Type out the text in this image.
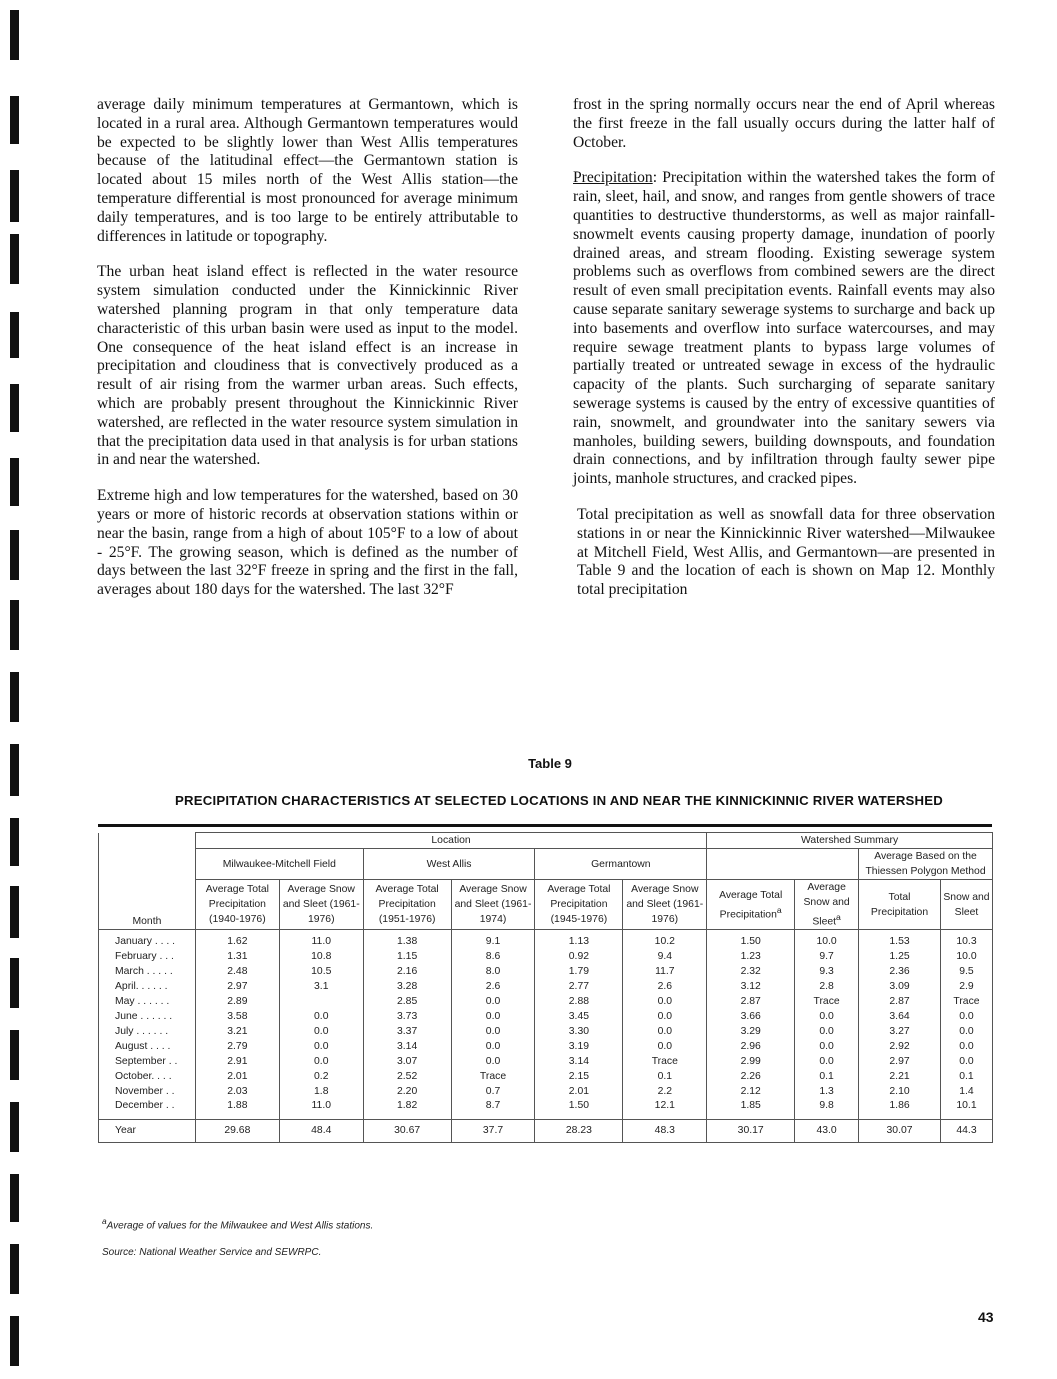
average daily minimum temperatures at Germantown, which is located in a rural area. Although Germantown temperatures would be expected to be slightly lower than West Allis temperatures because of the latitudinal effect—the Germantown station is located about 15 miles north of the West Allis station—the temperature differential is most pronounced for average minimum daily temperatures, and is too large to be entirely attributable to differences in latitude or topography.

The urban heat island effect is reflected in the water resource system simulation conducted under the Kinnickinnic River watershed planning program in that only temperature data characteristic of this urban basin were used as input to the model. One consequence of the heat island effect is an increase in precipitation and cloudiness that is convectively produced as a result of air rising from the warmer urban areas. Such effects, which are probably present throughout the Kinnickinnic River watershed, are reflected in the water resource system simulation in that the precipitation data used in that analysis is for urban stations in and near the watershed.

Extreme high and low temperatures for the watershed, based on 30 years or more of historic records at observation stations within or near the basin, range from a high of about 105°F to a low of about - 25°F. The growing season, which is defined as the number of days between the last 32°F freeze in spring and the first in the fall, averages about 180 days for the watershed. The last 32°F

frost in the spring normally occurs near the end of April whereas the first freeze in the fall usually occurs during the latter half of October.

Precipitation: Precipitation within the watershed takes the form of rain, sleet, hail, and snow, and ranges from gentle showers of trace quantities to destructive thunderstorms, as well as major rainfall-snowmelt events causing property damage, inundation of poorly drained areas, and stream flooding. Existing sewerage system problems such as overflows from combined sewers are the direct result of even small precipitation events. Rainfall events may also cause separate sanitary sewerage systems to surcharge and back up into basements and overflow into surface watercourses, and may require sewage treatment plants to bypass large volumes of partially treated or untreated sewage in excess of the hydraulic capacity of the plants. Such surcharging of separate sanitary sewerage systems is caused by the entry of excessive quantities of rain, snowmelt, and groundwater into the sanitary sewers via manholes, building sewers, building downspouts, and foundation drain connections, and by infiltration through faulty sewer pipe joints, manhole structures, and cracked pipes.

Total precipitation as well as snowfall data for three observation stations in or near the Kinnickinnic River watershed—Milwaukee at Mitchell Field, West Allis, and Germantown—are presented in Table 9 and the location of each is shown on Map 12. Monthly total precipitation

Table 9
PRECIPITATION CHARACTERISTICS AT SELECTED LOCATIONS IN AND NEAR THE KINNICKINNIC RIVER WATERSHED
Month	Location						Watershed Summary			
									Average Based on the Thiessen Polygon Method	
	Milwaukee-Mitchell Field		West Allis		Germantown					
	Average Total Precipitation (1940-1976)	Average Snow and Sleet (1961-1976)	Average Total Precipitation (1951-1976)	Average Snow and Sleet (1961-1974)	Average Total Precipitation (1945-1976)	Average Snow and Sleet (1961-1976)	Average Total Precipitation$^a$	Average Snow and Sleet$^a$	Total Precipitation	Snow and Sleet
January . . . .	1.62	11.0	1.38	9.1	1.13	10.2	1.50	10.0	1.53	10.3
February . . .	1.31	10.8	1.15	8.6	0.92	9.4	1.23	9.7	1.25	10.0
March . . . . .	2.48	10.5	2.16	8.0	1.79	11.7	2.32	9.3	2.36	9.5
April. . . . . .	2.97	3.1	3.28	2.6	2.77	2.6	3.12	2.8	3.09	2.9
May . . . . . .	2.89		2.85	0.0	2.88	0.0	2.87	Trace	2.87	Trace
June . . . . . .	3.58	0.0	3.73	0.0	3.45	0.0	3.66	0.0	3.64	0.0
July . . . . . .	3.21	0.0	3.37	0.0	3.30	0.0	3.29	0.0	3.27	0.0
August . . . .	2.79	0.0	3.14	0.0	3.19	0.0	2.96	0.0	2.92	0.0
September . .	2.91	0.0	3.07	0.0	3.14	Trace	2.99	0.0	2.97	0.0
October. . . .	2.01	0.2	2.52	Trace	2.15	0.1	2.26	0.1	2.21	0.1
November . .	2.03	1.8	2.20	0.7	2.01	2.2	2.12	1.3	2.10	1.4
December . .	1.88	11.0	1.82	8.7	1.50	12.1	1.85	9.8	1.86	10.1
Year	29.68	48.4	30.67	37.7	28.23	48.3	30.17	43.0	30.07	44.3
$^a$Average of values for the Milwaukee and West Allis stations.
Source: National Weather Service and SEWRPC.
43
